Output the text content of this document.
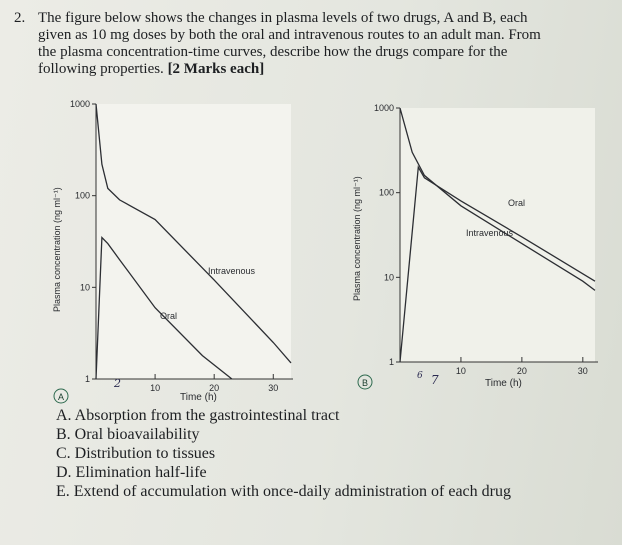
2. The figure below shows the changes in plasma levels of two drugs, A and B, each
given as 10 mg doses by both the oral and intravenous routes to an adult man. From
the plasma concentration-time curves, describe how the drugs compare for the
following properties. [2 Marks each]
Plasma concentration (ng ml⁻¹)
Time (h)
1000
100
10
1
10	20	30
Intravenous
Oral
A
2
Plasma concentration (ng ml⁻¹)
Time (h)
1000
100
10
1
10	20	30
Oral
Intravenous
B
6 7
A. Absorption from the gastrointestinal tract
B. Oral bioavailability
C. Distribution to tissues
D. Elimination half-life
E. Extend of accumulation with once-daily administration of each drug
